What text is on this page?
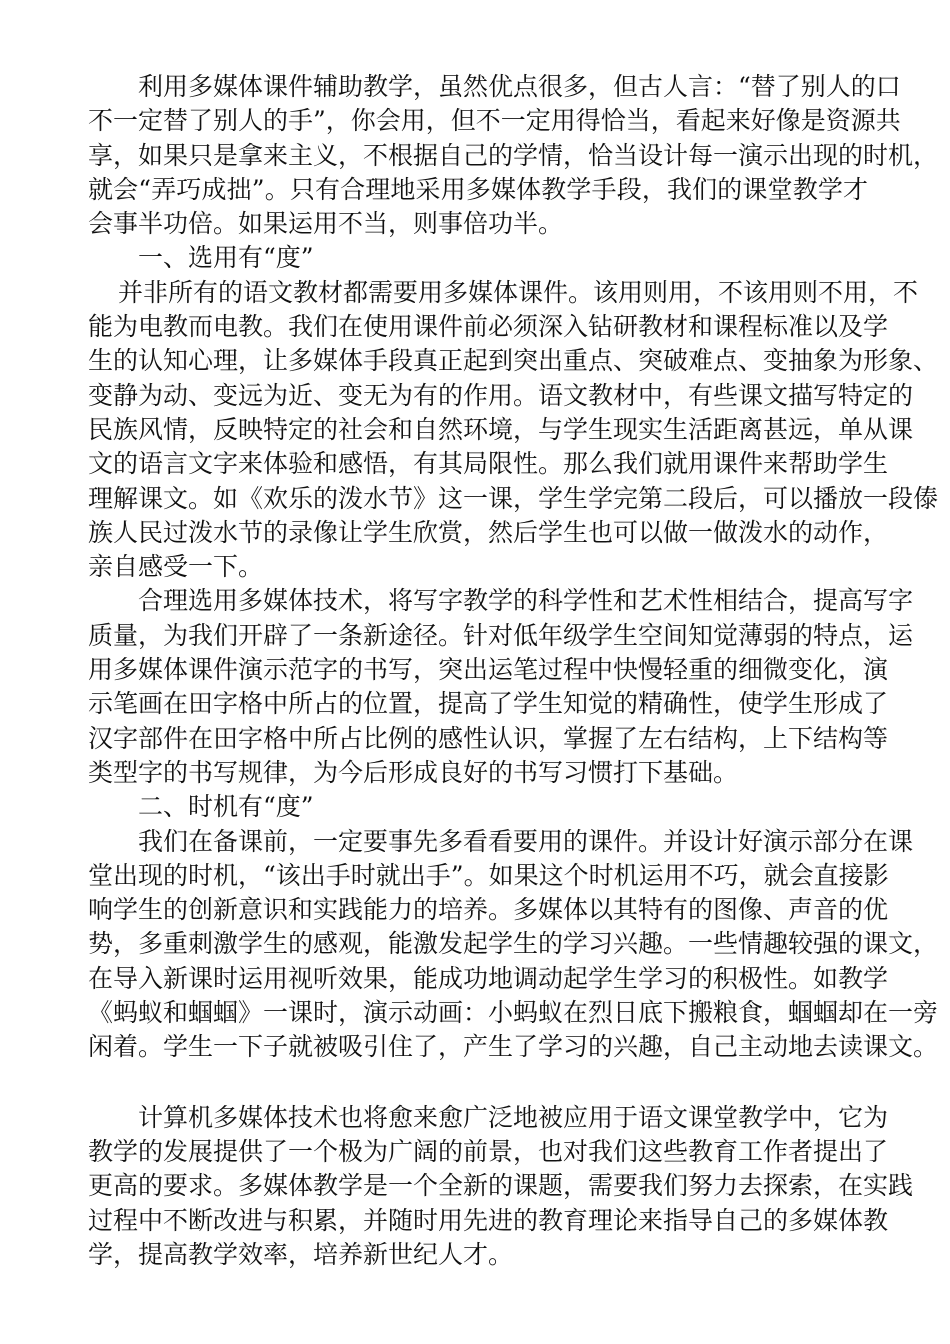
利用多媒体课件辅助教学，虽然优点很多，但古人言：“替了别人的口
不一定替了别人的手”，你会用，但不一定用得恰当，看起来好像是资源共
享，如果只是拿来主义，不根据自己的学情，恰当设计每一演示出现的时机，
就会“弄巧成拙”。只有合理地采用多媒体教学手段，我们的课堂教学才
会事半功倍。如果运用不当，则事倍功半。
一、选用有“度”
并非所有的语文教材都需要用多媒体课件。该用则用，不该用则不用，不
能为电教而电教。我们在使用课件前必须深入钻研教材和课程标准以及学
生的认知心理，让多媒体手段真正起到突出重点、突破难点、变抽象为形象、
变静为动、变远为近、变无为有的作用。语文教材中，有些课文描写特定的
民族风情，反映特定的社会和自然环境，与学生现实生活距离甚远，单从课
文的语言文字来体验和感悟，有其局限性。那么我们就用课件来帮助学生
理解课文。如《欢乐的泼水节》这一课，学生学完第二段后，可以播放一段傣
族人民过泼水节的录像让学生欣赏，然后学生也可以做一做泼水的动作，
亲自感受一下。
合理选用多媒体技术，将写字教学的科学性和艺术性相结合，提高写字
质量，为我们开辟了一条新途径。针对低年级学生空间知觉薄弱的特点，运
用多媒体课件演示范字的书写，突出运笔过程中快慢轻重的细微变化，演
示笔画在田字格中所占的位置，提高了学生知觉的精确性，使学生形成了
汉字部件在田字格中所占比例的感性认识，掌握了左右结构，上下结构等
类型字的书写规律，为今后形成良好的书写习惯打下基础。
二、时机有“度”
我们在备课前，一定要事先多看看要用的课件。并设计好演示部分在课
堂出现的时机，“该出手时就出手”。如果这个时机运用不巧，就会直接影
响学生的创新意识和实践能力的培养。多媒体以其特有的图像、声音的优
势，多重刺激学生的感观，能激发起学生的学习兴趣。一些情趣较强的课文，
在导入新课时运用视听效果，能成功地调动起学生学习的积极性。如教学
《蚂蚁和蝈蝈》一课时，演示动画：小蚂蚁在烈日底下搬粮食，蝈蝈却在一旁
闲着。学生一下子就被吸引住了，产生了学习的兴趣，自己主动地去读课文。
计算机多媒体技术也将愈来愈广泛地被应用于语文课堂教学中，它为
教学的发展提供了一个极为广阔的前景，也对我们这些教育工作者提出了
更高的要求。多媒体教学是一个全新的课题，需要我们努力去探索，在实践
过程中不断改进与积累，并随时用先进的教育理论来指导自己的多媒体教
学，提高教学效率，培养新世纪人才。
